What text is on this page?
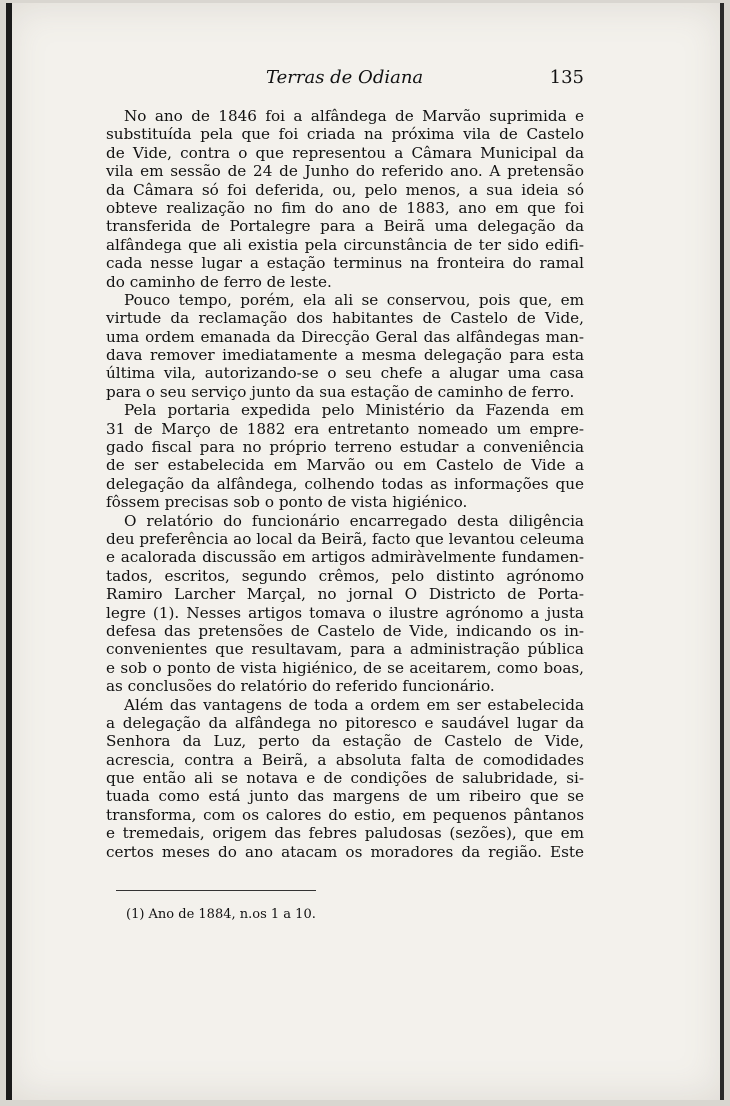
Terras de Odiana	135
No ano de 1846 foi a alfândega de Marvão suprimida e
substituída pela que foi criada na próxima vila de Castelo
de Vide, contra o que representou a Câmara Municipal da
vila em sessão de 24 de Junho do referido ano. A pretensão
da Câmara só foi deferida, ou, pelo menos, a sua ideia só
obteve realização no fim do ano de 1883, ano em que foi
transferida de Portalegre para a Beirã uma delegação da
alfândega que ali existia pela circunstância de ter sido edifi-
cada nesse lugar a estação terminus na fronteira do ramal
do caminho de ferro de leste.
Pouco tempo, porém, ela ali se conservou, pois que, em
virtude da reclamação dos habitantes de Castelo de Vide,
uma ordem emanada da Direcção Geral das alfândegas man-
dava remover imediatamente a mesma delegação para esta
última vila, autorizando-se o seu chefe a alugar uma casa
para o seu serviço junto da sua estação de caminho de ferro.
Pela portaria expedida pelo Ministério da Fazenda em
31 de Março de 1882 era entretanto nomeado um empre-
gado fiscal para no próprio terreno estudar a conveniência
de ser estabelecida em Marvão ou em Castelo de Vide a
delegação da alfândega, colhendo todas as informações que
fôssem precisas sob o ponto de vista higiénico.
O relatório do funcionário encarregado desta diligência
deu preferência ao local da Beirã, facto que levantou celeuma
e acalorada discussão em artigos admiràvelmente fundamen-
tados, escritos, segundo crêmos, pelo distinto agrónomo
Ramiro Larcher Marçal, no jornal O Districto de Porta-
legre (1). Nesses artigos tomava o ilustre agrónomo a justa
defesa das pretensões de Castelo de Vide, indicando os in-
convenientes que resultavam, para a administração pública
e sob o ponto de vista higiénico, de se aceitarem, como boas,
as conclusões do relatório do referido funcionário.
Além das vantagens de toda a ordem em ser estabelecida
a delegação da alfândega no pitoresco e saudável lugar da
Senhora da Luz, perto da estação de Castelo de Vide,
acrescia, contra a Beirã, a absoluta falta de comodidades
que então ali se notava e de condições de salubridade, si-
tuada como está junto das margens de um ribeiro que se
transforma, com os calores do estio, em pequenos pântanos
e tremedais, origem das febres paludosas (sezões), que em
certos meses do ano atacam os moradores da região. Este
(1) Ano de 1884, n.os 1 a 10.
